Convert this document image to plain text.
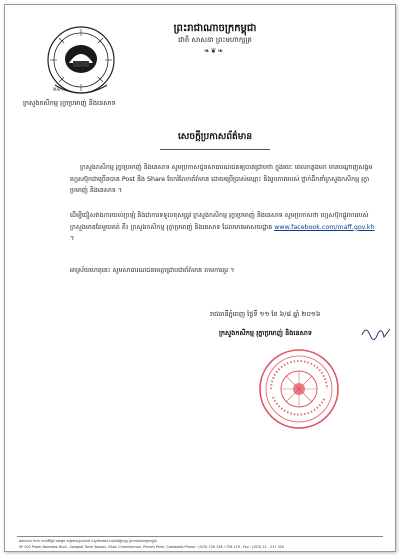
MAFF
ក្រសួងកសិកម្ម រុក្ខាប្រមាញ់ និងនេសាទ
ព្រះរាជាណាចក្រកម្ពុជា
ជាតិ សាសនា ព្រះមហាក្សត្រ
❧❦❧
សេចក្តីប្រកាសព័ត៌មាន
ក្រសួងកសិកម្ម រុក្ខាប្រមាញ់ និងនេសាទ សូមប្រកាសជូនសាធារណជនឲ្យបានជ្រាបថា ក្នុងរយៈ ពេលកន្លងមក មានបណ្តាញសង្គមហ្វេសប៊ុកជាច្រើនបាន Post និង Share ចែករំលែកព័ត៌មាន ដោយប្រើប្រាស់ឈ្មោះ និងរូបភាពរបស់ ថ្នាក់ដឹកនាំក្រសួងកសិកម្ម រុក្ខាប្រមាញ់ និងនេសាទ ។
ដើម្បីជៀសវាងការយល់ច្រឡំ និងជាការទទួលខុសត្រូវ ក្រសួងកសិកម្ម រុក្ខាប្រមាញ់ និងនេសាទ សូមប្រកាសថា ហ្វេសប៊ុកផ្លូវការរបស់ក្រសួងមានតែមួយគត់ គឺ៖ ក្រសួងកសិកម្ម រុក្ខាប្រមាញ់ និងនេសាទ ដែលមានអាសយដ្ឋាន www.facebook.com/maff.gov.kh ។
អាស្រ័យហេតុនេះ សូមសាធារណជនមេត្តាជ្រាបជាព័ត៌មាន តាមការគួរ ។
រាជធានីភ្នំពេញ ថ្ងៃទី ១១ ខែ ៦/៨ ឆ្នាំ ២០១៦
ក្រសួងកសិកម្ម រុក្ខាប្រមាញ់ និងនេសាទ
អគារលេខ ២០០ មហាវិថីព្រះនរោត្តម សង្កាត់ទន្លេបាសាក់ ខណ្ឌចំការមន រាជធានីភ្នំពេញ ព្រះរាជាណាចក្រកម្ពុជា
Nº 200 Preah Norodom Blvd., Sangkat Tonle Bassac, Khan Chamkarmon, Phnom Penh, Cambodia Phone : (023) 726 128 / 726 129 , Fax : (023) 21 - 217 320
